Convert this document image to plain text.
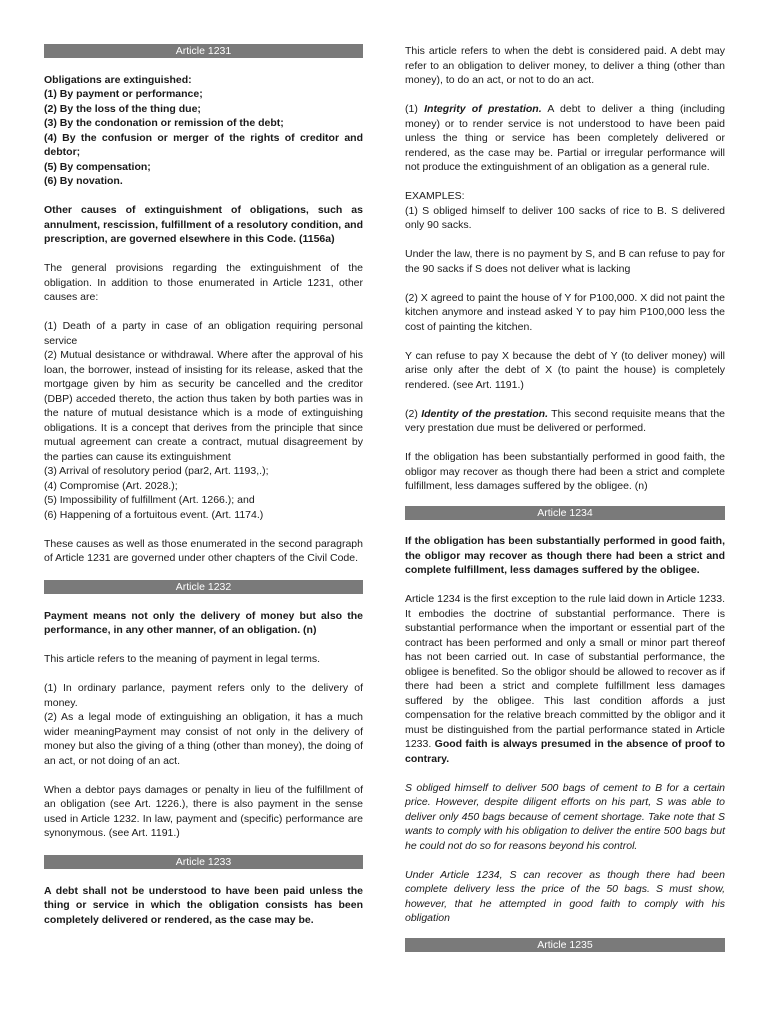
Article 1231

Obligations are extinguished:

(1) By payment or performance;

(2) By the loss of the thing due;

(3) By the condonation or remission of the debt;

(4) By the confusion or merger of the rights of creditor and debtor;

(5) By compensation;

(6) By novation.

Other causes of extinguishment of obligations, such as annulment, rescission, fulfillment of a resolutory condition, and prescription, are governed elsewhere in this Code. (1156a)

The general provisions regarding the extinguishment of the obligation. In addition to those enumerated in Article 1231, other causes are:

(1) Death of a party in case of an obligation requiring personal service

(2) Mutual desistance or withdrawal. Where after the approval of his loan, the borrower, instead of insisting for its release, asked that the mortgage given by him as security be cancelled and the creditor (DBP) acceded thereto, the action thus taken by both parties was in the nature of mutual desistance which is a mode of extinguishing obligations. It is a concept that derives from the principle that since mutual agreement can create a contract, mutual disagreement by the parties can cause its extinguishment

(3) Arrival of resolutory period (par2, Art. 1193,.);

(4) Compromise (Art. 2028.);

(5) Impossibility of fulfillment (Art. 1266.); and

(6) Happening of a fortuitous event. (Art. 1174.)

These causes as well as those enumerated in the second paragraph of Article 1231 are governed under other chapters of the Civil Code.

Article 1232

Payment means not only the delivery of money but also the performance, in any other manner, of an obligation. (n)

This article refers to the meaning of payment in legal terms.

(1) In ordinary parlance, payment refers only to the delivery of money.

(2) As a legal mode of extinguishing an obligation, it has a much wider meaningPayment may consist of not only in the delivery of money but also the giving of a thing (other than money), the doing of an act, or not doing of an act.

When a debtor pays damages or penalty in lieu of the fulfillment of an obligation (see Art. 1226.), there is also payment in the sense used in Article 1232. In law, payment and (specific) performance are synonymous. (see Art. 1191.)

Article 1233

A debt shall not be understood to have been paid unless the thing or service in which the obligation consists has been completely delivered or rendered, as the case may be.

This article refers to when the debt is considered paid. A debt may refer to an obligation to deliver money, to deliver a thing (other than money), to do an act, or not to do an act.

(1) Integrity of prestation. A debt to deliver a thing (including money) or to render service is not understood to have been paid unless the thing or service has been completely delivered or rendered, as the case may be. Partial or irregular performance will not produce the extinguishment of an obligation as a general rule.

EXAMPLES:

(1) S obliged himself to deliver 100 sacks of rice to B. S delivered only 90 sacks.

Under the law, there is no payment by S, and B can refuse to pay for the 90 sacks if S does not deliver what is lacking

(2) X agreed to paint the house of Y for P100,000. X did not paint the kitchen anymore and instead asked Y to pay him P100,000 less the cost of painting the kitchen.

Y can refuse to pay X because the debt of Y (to deliver money) will arise only after the debt of X (to paint the house) is completely rendered. (see Art. 1191.)

(2) Identity of the prestation. This second requisite means that the very prestation due must be delivered or performed.

If the obligation has been substantially performed in good faith, the obligor may recover as though there had been a strict and complete fulfillment, less damages suffered by the obligee. (n)

Article 1234

If the obligation has been substantially performed in good faith, the obligor may recover as though there had been a strict and complete fulfillment, less damages suffered by the obligee.

Article 1234 is the first exception to the rule laid down in Article 1233. It embodies the doctrine of substantial performance. There is substantial performance when the important or essential part of the contract has been performed and only a small or minor part thereof has not been carried out. In case of substantial performance, the obligee is benefited. So the obligor should be allowed to recover as if there had been a strict and complete fulfillment less damages suffered by the obligee. This last condition affords a just compensation for the relative breach committed by the obligor and it must be distinguished from the partial performance stated in Article 1233. Good faith is always presumed in the absence of proof to contrary.

S obliged himself to deliver 500 bags of cement to B for a certain price. However, despite diligent efforts on his part, S was able to deliver only 450 bags because of cement shortage. Take note that S wants to comply with his obligation to deliver the entire 500 bags but he could not do so for reasons beyond his control.

Under Article 1234, S can recover as though there had been complete delivery less the price of the 50 bags. S must show, however, that he attempted in good faith to comply with his obligation

Article 1235
